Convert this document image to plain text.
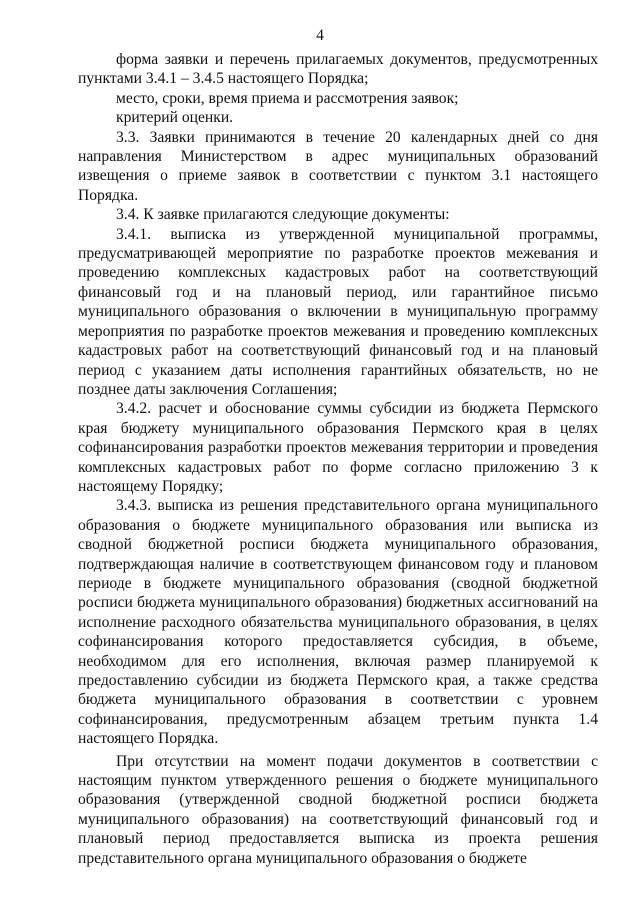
4

форма заявки и перечень прилагаемых документов, предусмотренных пунктами 3.4.1 – 3.4.5 настоящего Порядка;

место, сроки, время приема и рассмотрения заявок;

критерий оценки.

3.3. Заявки принимаются в течение 20 календарных дней со дня направления Министерством в адрес муниципальных образований извещения о приеме заявок в соответствии с пунктом 3.1 настоящего Порядка.

3.4. К заявке прилагаются следующие документы:

3.4.1. выписка из утвержденной муниципальной программы, предусматривающей мероприятие по разработке проектов межевания и проведению комплексных кадастровых работ на соответствующий финансовый год и на плановый период, или гарантийное письмо муниципального образования о включении в муниципальную программу мероприятия по разработке проектов межевания и проведению комплексных кадастровых работ на соответствующий финансовый год и на плановый период с указанием даты исполнения гарантийных обязательств, но не позднее даты заключения Соглашения;

3.4.2. расчет и обоснование суммы субсидии из бюджета Пермского края бюджету муниципального образования Пермского края в целях софинансирования разработки проектов межевания территории и проведения комплексных кадастровых работ по форме согласно приложению 3 к настоящему Порядку;

3.4.3. выписка из решения представительного органа муниципального образования о бюджете муниципального образования или выписка из сводной бюджетной росписи бюджета муниципального образования, подтверждающая наличие в соответствующем финансовом году и плановом периоде в бюджете муниципального образования (сводной бюджетной росписи бюджета муниципального образования) бюджетных ассигнований на исполнение расходного обязательства муниципального образования, в целях софинансирования которого предоставляется субсидия, в объеме, необходимом для его исполнения, включая размер планируемой к предоставлению субсидии из бюджета Пермского края, а также средства бюджета муниципального образования в соответствии с уровнем софинансирования, предусмотренным абзацем третьим пункта 1.4 настоящего Порядка.

При отсутствии на момент подачи документов в соответствии с настоящим пунктом утвержденного решения о бюджете муниципального образования (утвержденной сводной бюджетной росписи бюджета муниципального образования) на соответствующий финансовый год и плановый период предоставляется выписка из проекта решения представительного органа муниципального образования о бюджете
